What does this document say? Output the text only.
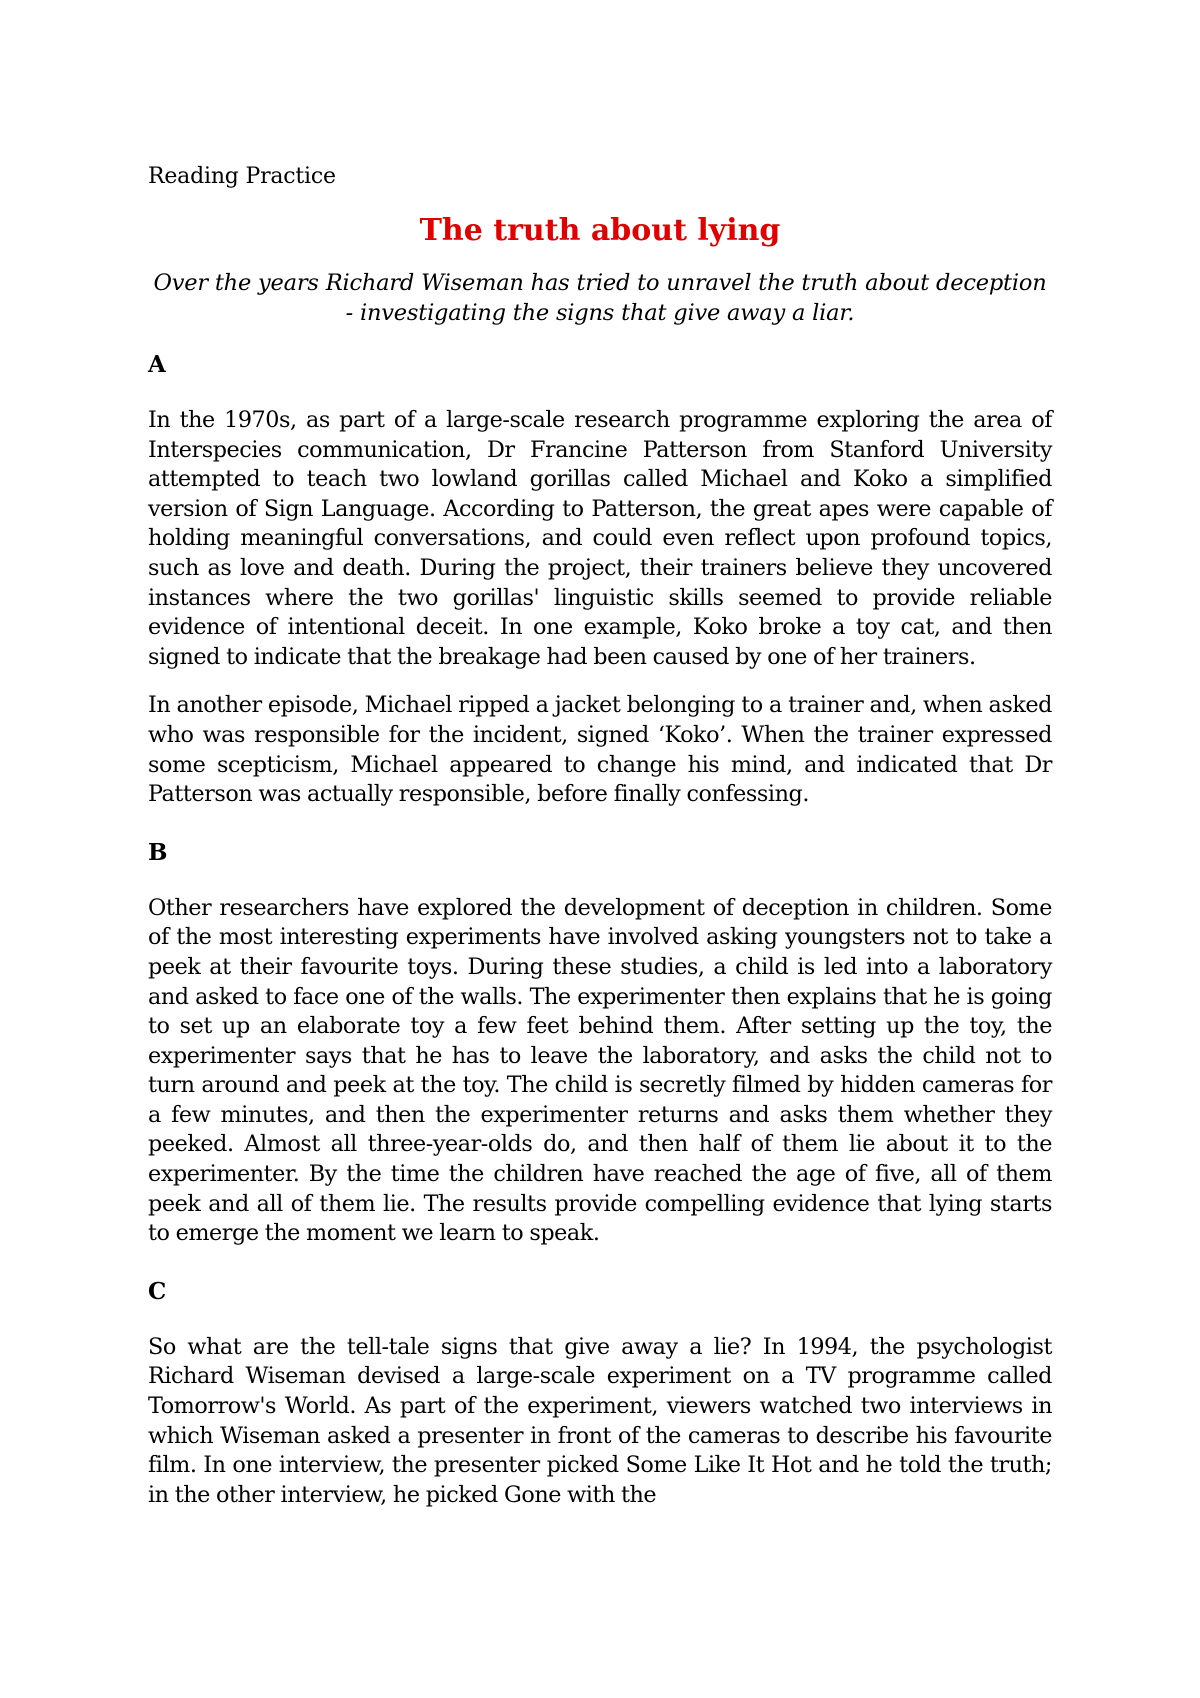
Reading Practice
The truth about lying
Over the years Richard Wiseman has tried to unravel the truth about deception - investigating the signs that give away a liar.
A

In the 1970s, as part of a large-scale research programme exploring the area of Interspecies communication, Dr Francine Patterson from Stanford University attempted to teach two lowland gorillas called Michael and Koko a simplified version of Sign Language. According to Patterson, the great apes were capable of holding meaningful conversations, and could even reflect upon profound topics, such as love and death. During the project, their trainers believe they uncovered instances where the two gorillas' linguistic skills seemed to provide reliable evidence of intentional deceit. In one example, Koko broke a toy cat, and then signed to indicate that the breakage had been caused by one of her trainers.

In another episode, Michael ripped a jacket belonging to a trainer and, when asked who was responsible for the incident, signed ‘Koko’. When the trainer expressed some scepticism, Michael appeared to change his mind, and indicated that Dr Patterson was actually responsible, before finally confessing.

B

Other researchers have explored the development of deception in children. Some of the most interesting experiments have involved asking youngsters not to take a peek at their favourite toys. During these studies, a child is led into a laboratory and asked to face one of the walls. The experimenter then explains that he is going to set up an elaborate toy a few feet behind them. After setting up the toy, the experimenter says that he has to leave the laboratory, and asks the child not to turn around and peek at the toy. The child is secretly filmed by hidden cameras for a few minutes, and then the experimenter returns and asks them whether they peeked. Almost all three-year-olds do, and then half of them lie about it to the experimenter. By the time the children have reached the age of five, all of them peek and all of them lie. The results provide compelling evidence that lying starts to emerge the moment we learn to speak.

C

So what are the tell-tale signs that give away a lie? In 1994, the psychologist Richard Wiseman devised a large-scale experiment on a TV programme called Tomorrow's World. As part of the experiment, viewers watched two interviews in which Wiseman asked a presenter in front of the cameras to describe his favourite film. In one interview, the presenter picked Some Like It Hot and he told the truth; in the other interview, he picked Gone with the
